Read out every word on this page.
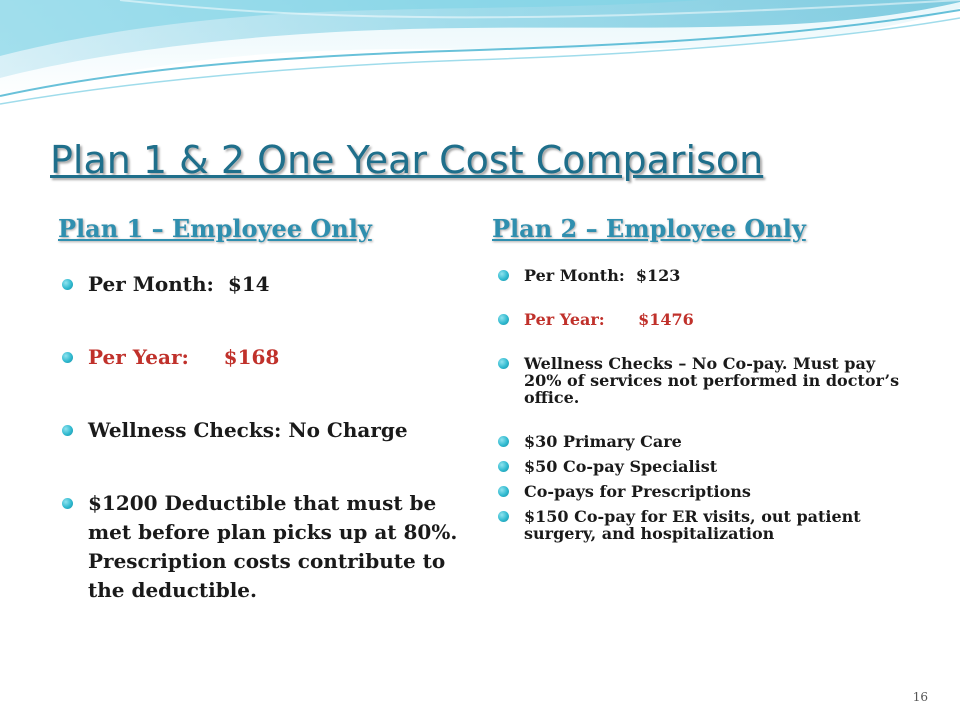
Plan 1 & 2 One Year Cost Comparison
Plan 1 – Employee Only	Plan 2 – Employee Only
Per Month:  $14
Per Year:     $168
Wellness Checks: No Charge
$1200 Deductible that must be met before plan picks up at 80%. Prescription costs contribute to the deductible.
Per Month:  $123
Per Year:      $1476
Wellness Checks – No Co-pay. Must pay 20% of services not performed in doctor’s office.
$30 Primary Care
$50 Co-pay Specialist
Co-pays for Prescriptions
$150 Co-pay for ER visits, out patient surgery, and hospitalization
16
